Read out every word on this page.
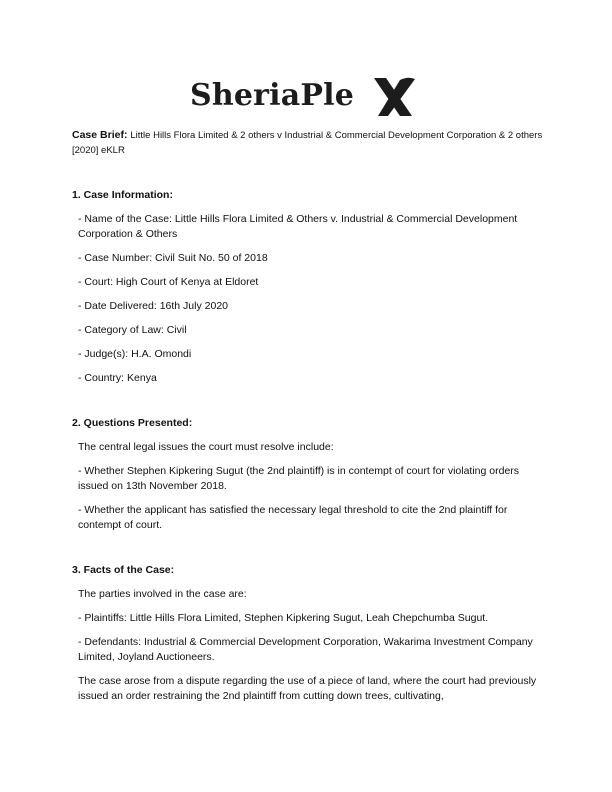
SheriaPle

Case Brief: Little Hills Flora Limited & 2 others v Industrial & Commercial Development Corporation & 2 others [2020] eKLR

1. Case Information:

- Name of the Case: Little Hills Flora Limited & Others v. Industrial & Commercial Development Corporation & Others

- Case Number: Civil Suit No. 50 of 2018

- Court: High Court of Kenya at Eldoret

- Date Delivered: 16th July 2020

- Category of Law: Civil

- Judge(s): H.A. Omondi

- Country: Kenya

2. Questions Presented:

The central legal issues the court must resolve include:

- Whether Stephen Kipkering Sugut (the 2nd plaintiff) is in contempt of court for violating orders issued on 13th November 2018.

- Whether the applicant has satisfied the necessary legal threshold to cite the 2nd plaintiff for contempt of court.

3. Facts of the Case:

The parties involved in the case are:

- Plaintiffs: Little Hills Flora Limited, Stephen Kipkering Sugut, Leah Chepchumba Sugut.

- Defendants: Industrial & Commercial Development Corporation, Wakarima Investment Company Limited, Joyland Auctioneers.

The case arose from a dispute regarding the use of a piece of land, where the court had previously issued an order restraining the 2nd plaintiff from cutting down trees, cultivating,
